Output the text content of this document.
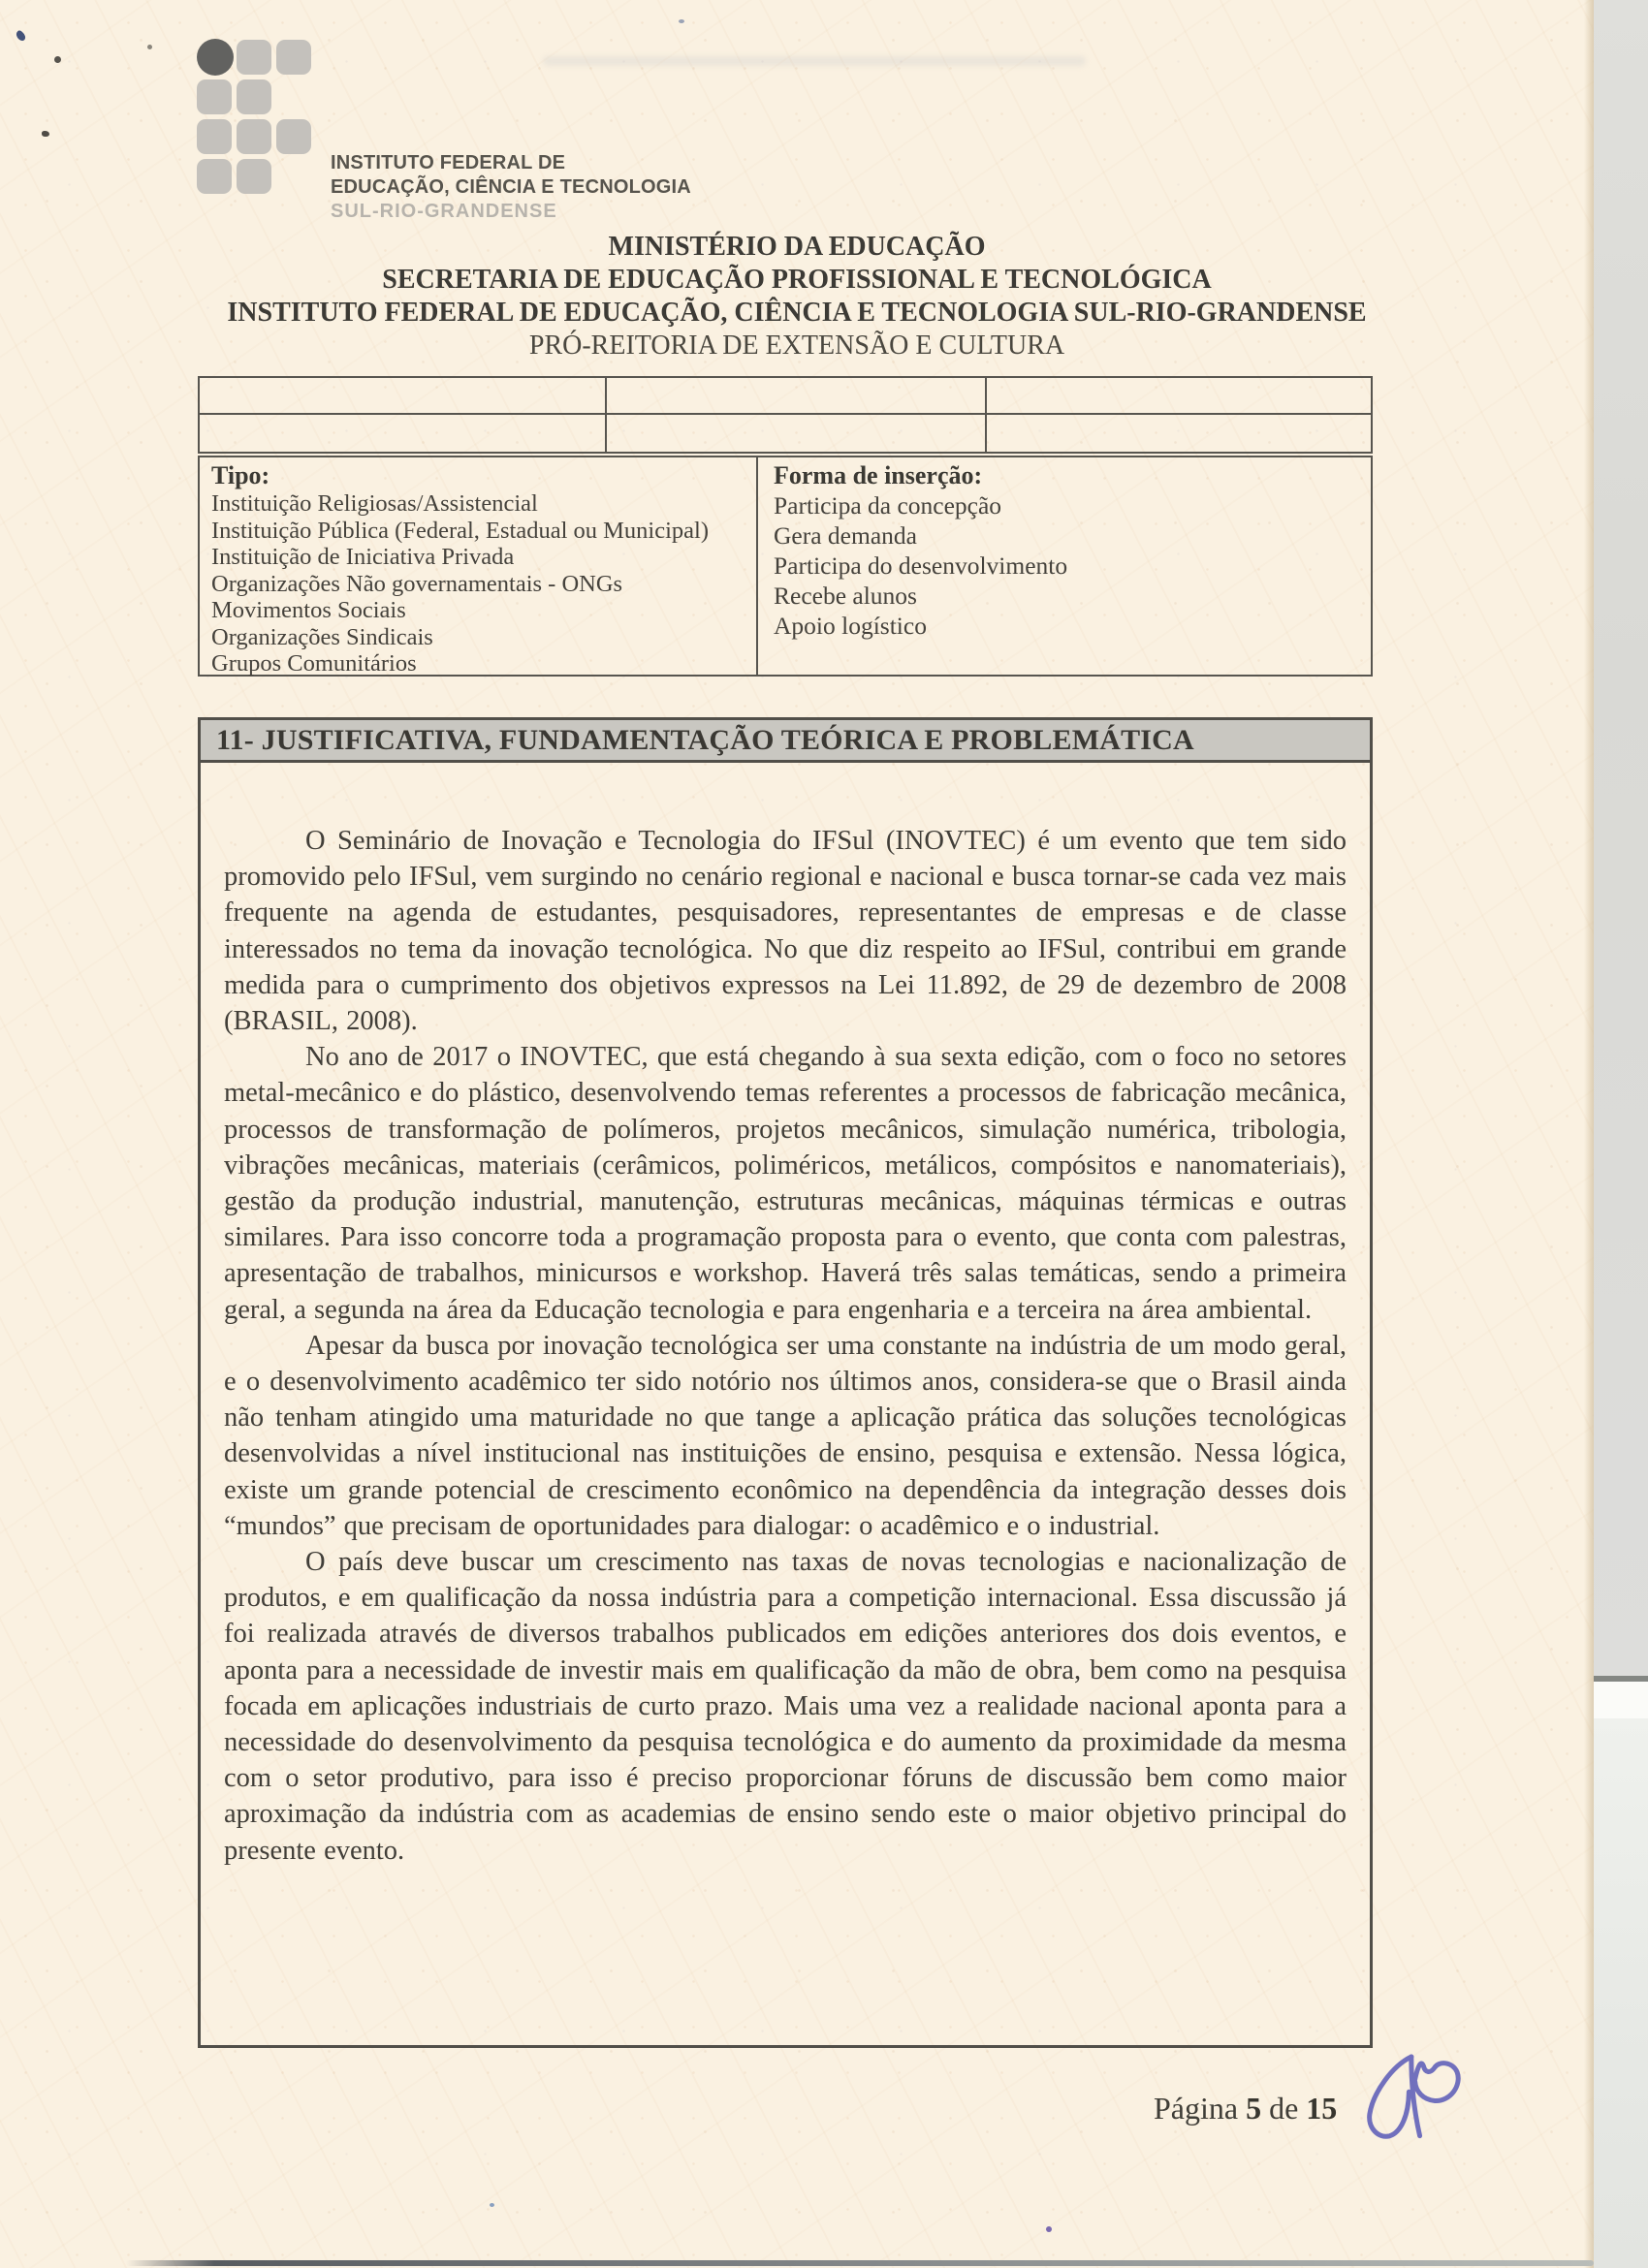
INSTITUTO FEDERAL DE
EDUCAÇÃO, CIÊNCIA E TECNOLOGIA
SUL-RIO-GRANDENSE
MINISTÉRIO DA EDUCAÇÃO
SECRETARIA DE EDUCAÇÃO PROFISSIONAL E TECNOLÓGICA
INSTITUTO FEDERAL DE EDUCAÇÃO, CIÊNCIA E TECNOLOGIA SUL-RIO-GRANDENSE
PRÓ-REITORIA DE EXTENSÃO E CULTURA
Tipo:
Instituição Religiosas/Assistencial
Instituição Pública (Federal, Estadual ou Municipal)
Instituição de Iniciativa Privada
Organizações Não governamentais - ONGs
Movimentos Sociais
Organizações Sindicais
Grupos Comunitários
Forma de inserção:
Participa da concepção
Gera demanda
Participa do desenvolvimento
Recebe alunos
Apoio logístico
11- JUSTIFICATIVA, FUNDAMENTAÇÃO TEÓRICA E PROBLEMÁTICA

O Seminário de Inovação e Tecnologia do IFSul (INOVTEC) é um evento que tem sido promovido pelo IFSul, vem surgindo no cenário regional e nacional e busca tornar-se cada vez mais frequente na agenda de estudantes, pesquisadores, representantes de empresas e de classe interessados no tema da inovação tecnológica. No que diz respeito ao IFSul, contribui em grande medida para o cumprimento dos objetivos expressos na Lei 11.892, de 29 de dezembro de 2008 (BRASIL, 2008).

No ano de 2017 o INOVTEC, que está chegando à sua sexta edição, com o foco no setores metal-mecânico e do plástico, desenvolvendo temas referentes a processos de fabricação mecânica, processos de transformação de polímeros, projetos mecânicos, simulação numérica, tribologia, vibrações mecânicas, materiais (cerâmicos, poliméricos, metálicos, compósitos e nanomateriais), gestão da produção industrial, manutenção, estruturas mecânicas, máquinas térmicas e outras similares. Para isso concorre toda a programação proposta para o evento, que conta com palestras, apresentação de trabalhos, minicursos e workshop. Haverá três salas temáticas, sendo a primeira geral, a segunda na área da Educação tecnologia e para engenharia e a terceira na área ambiental.

Apesar da busca por inovação tecnológica ser uma constante na indústria de um modo geral, e o desenvolvimento acadêmico ter sido notório nos últimos anos, considera-se que o Brasil ainda não tenham atingido uma maturidade no que tange a aplicação prática das soluções tecnológicas desenvolvidas a nível institucional nas instituições de ensino, pesquisa e extensão. Nessa lógica, existe um grande potencial de crescimento econômico na dependência da integração desses dois “mundos” que precisam de oportunidades para dialogar: o acadêmico e o industrial.

O país deve buscar um crescimento nas taxas de novas tecnologias e nacionalização de produtos, e em qualificação da nossa indústria para a competição internacional. Essa discussão já foi realizada através de diversos trabalhos publicados em edições anteriores dos dois eventos, e aponta para a necessidade de investir mais em qualificação da mão de obra, bem como na pesquisa focada em aplicações industriais de curto prazo. Mais uma vez a realidade nacional aponta para a necessidade do desenvolvimento da pesquisa tecnológica e do aumento da proximidade da mesma com o setor produtivo, para isso é preciso proporcionar fóruns de discussão bem como maior aproximação da indústria com as academias de ensino sendo este o maior objetivo principal do presente evento.

Página 5 de 15
